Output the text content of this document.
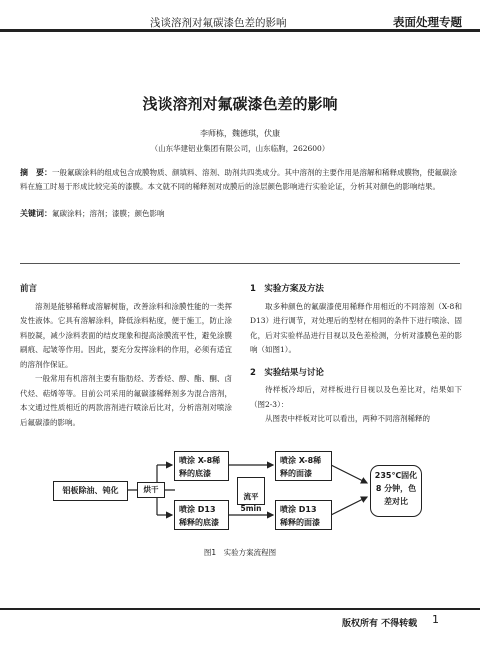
浅谈溶剂对氟碳漆色差的影响	表面处理专题
浅谈溶剂对氟碳漆色差的影响
李师栋，魏德琪，伏康
（山东华建铝业集团有限公司，山东临朐，262600）
摘　要：一般氟碳涂料的组成包含成膜物质、颜填料、溶剂、助剂共四类成分。其中溶剂的主要作用是溶解和稀释成膜物，使氟碳涂料在施工时易于形成比较完美的漆膜。本文就不同的稀释剂对成膜后的涂层颜色影响进行实验论证，分析其对颜色的影响结果。
关键词：氟碳涂料；溶剂；漆膜；颜色影响
前言

溶剂是能够稀释或溶解树脂，改善涂料和涂膜性能的一类挥发性液体。它具有溶解涂料，降低涂料粘度，便于施工，防止涂料胶凝，减少涂料表面的结皮现象和提高涂膜流平性，避免涂膜刷痕、起皱等作用。因此，要充分发挥涂料的作用，必须有适宜的溶剂作保证。

一般常用有机溶剂主要有脂肪烃、芳香烃、醇、酯、酮、卤代烃、萜烯等等。目前公司采用的氟碳漆稀释剂多为混合溶剂，本文通过性质相近的两款溶剂进行喷涂后比对，分析溶剂对喷涂后氟碳漆的影响。

1　实验方案及方法

取多种颜色的氟碳漆使用稀释作用相近的不同溶剂（X-8和D13）进行调节，对处理后的型材在相同的条件下进行喷涂、固化，后对实验样品进行目视以及色差检测，分析对漆膜色差的影响（如图1）。

2　实验结果与讨论

待样板冷却后，对样板进行目视以及色差比对，结果如下（图2-3）：

从图表中样板对比可以看出，两种不同溶剂稀释的

铝板除油、钝化	烘干
喷涂 X-8稀释的底漆
喷涂 D13 稀释的底漆

流平
5min

喷涂 X-8稀释的面漆
喷涂 D13 稀释的面漆
235℃固化 8 分钟，色差对比
图1　实验方案流程图
版权所有 不得转载 1
